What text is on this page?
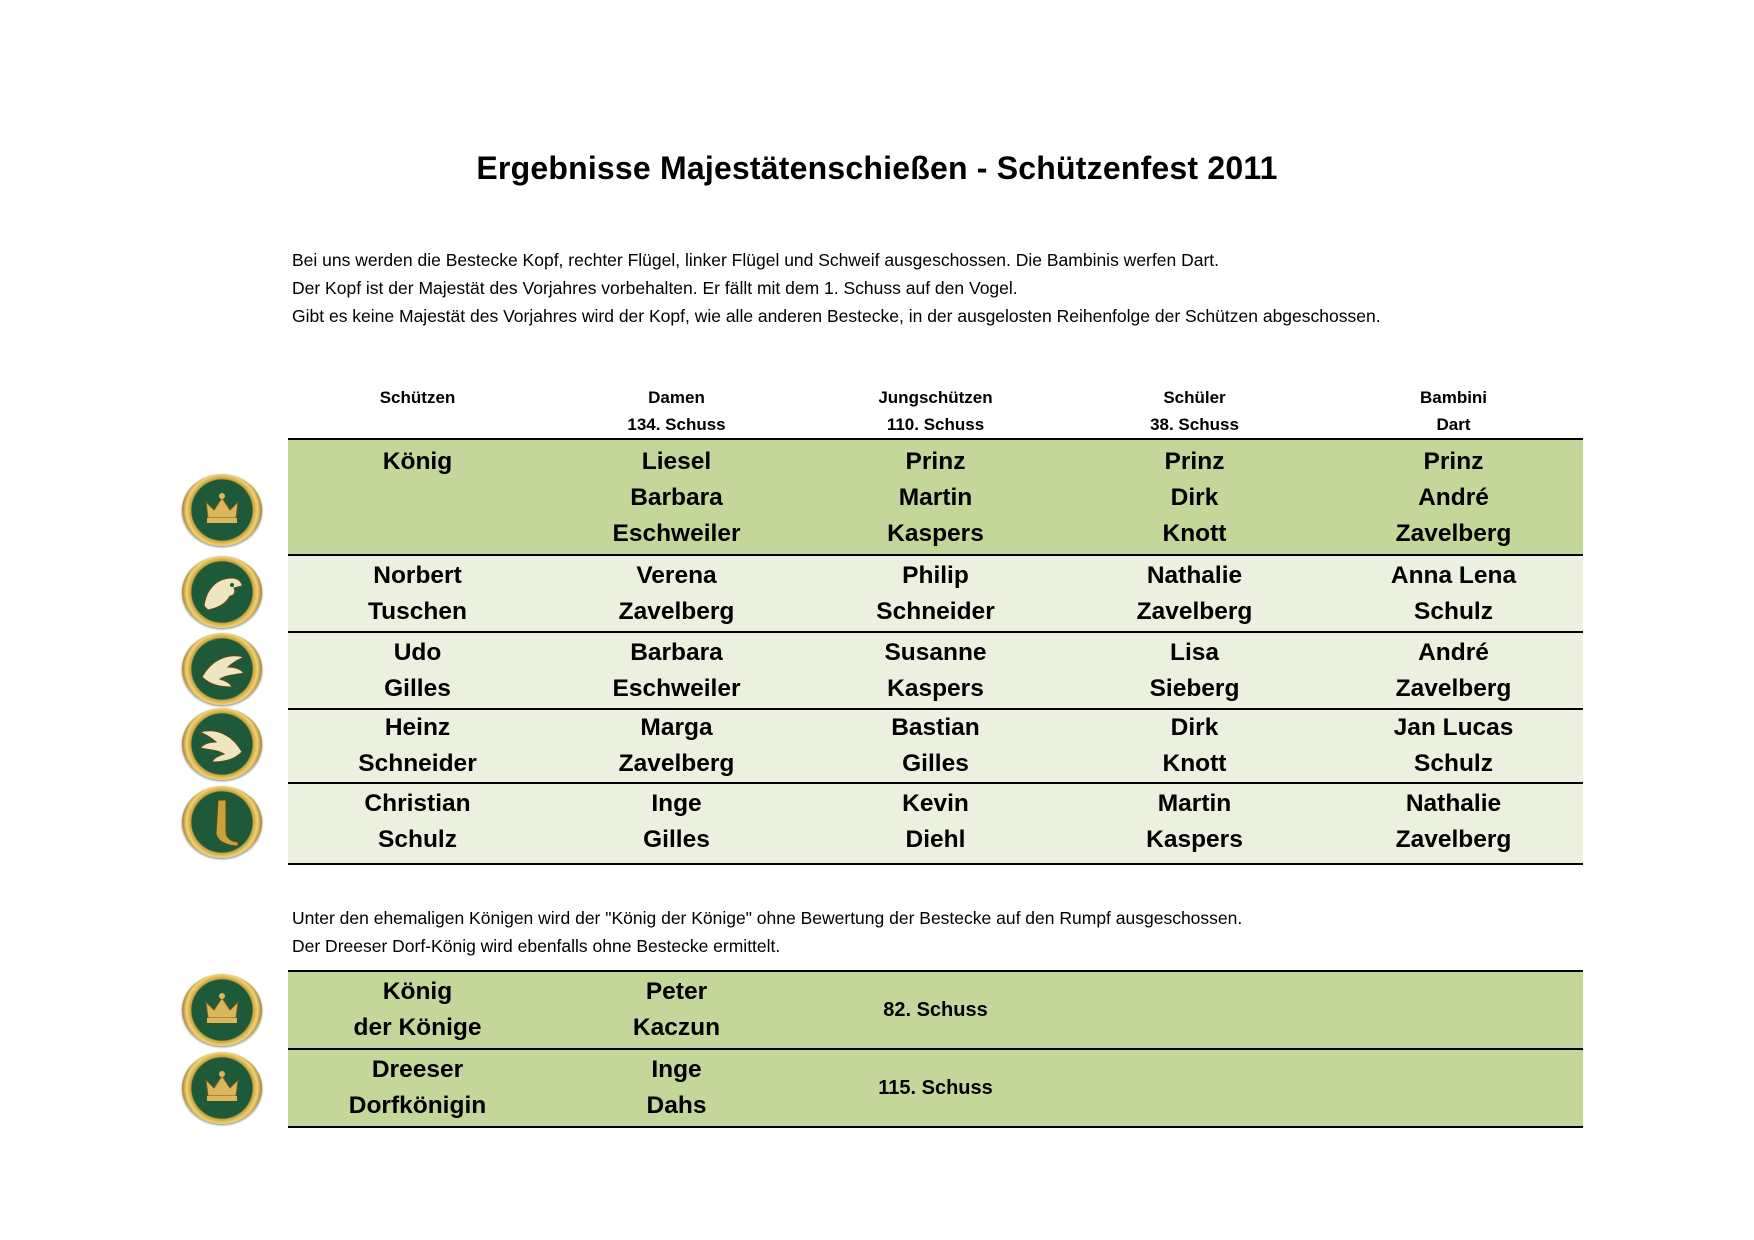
Ergebnisse Majestätenschießen - Schützenfest 2011
Bei uns werden die Bestecke Kopf, rechter Flügel, linker Flügel und Schweif ausgeschossen. Die Bambinis werfen Dart.
Der Kopf ist der Majestät des Vorjahres vorbehalten. Er fällt mit dem 1. Schuss auf den Vogel.
Gibt es keine Majestät des Vorjahres wird der Kopf, wie alle anderen Bestecke, in der ausgelosten Reihenfolge der Schützen abgeschossen.
Schützen	Damen
134. Schuss
Jungschützen
110. Schuss
Schüler
38. Schuss
Bambini
Dart
König	Liesel
Barbara
Eschweiler
Prinz
Martin
Kaspers
Prinz
Dirk
Knott
Prinz
André
Zavelberg
Norbert
Tuschen
Verena
Zavelberg
Philip
Schneider
Nathalie
Zavelberg
Anna Lena
Schulz
Udo
Gilles
Barbara
Eschweiler
Susanne
Kaspers
Lisa
Sieberg
André
Zavelberg
Heinz
Schneider
Marga
Zavelberg
Bastian
Gilles
Dirk
Knott
Jan Lucas
Schulz
Christian
Schulz
Inge
Gilles
Kevin
Diehl
Martin
Kaspers
Nathalie
Zavelberg
Unter den ehemaligen Königen wird der "König der Könige" ohne Bewertung der Bestecke auf den Rumpf ausgeschossen.
Der Dreeser Dorf-König wird ebenfalls ohne Bestecke ermittelt.
König
der Könige
Peter
Kaczun
82. Schuss
Dreeser
Dorfkönigin
Inge
Dahs
115. Schuss
